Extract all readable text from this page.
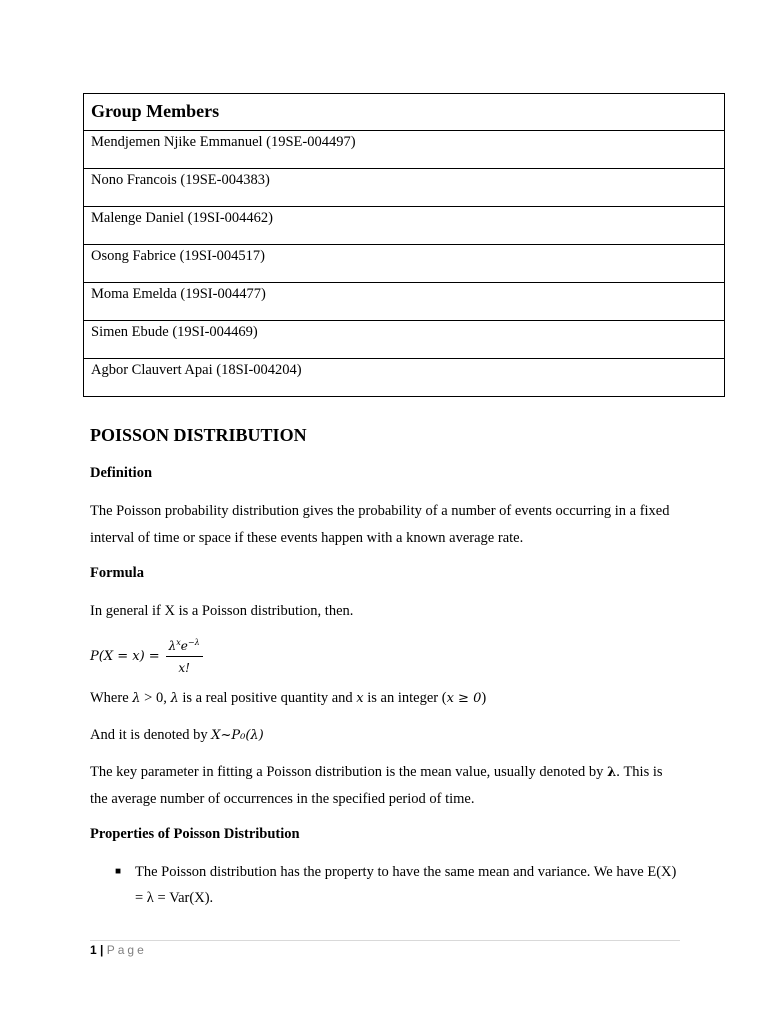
Group Members

Mendjemen Njike Emmanuel (19SE-004497)

Nono Francois (19SE-004383)

Malenge Daniel (19SI-004462)

Osong Fabrice (19SI-004517)

Moma Emelda (19SI-004477)

Simen Ebude (19SI-004469)

Agbor Clauvert Apai (18SI-004204)
POISSON DISTRIBUTION
Definition

The Poisson probability distribution gives the probability of a number of events occurring in a fixed interval of time or space if these events happen with a known average rate.

Formula

In general if X is a Poisson distribution, then.

$P(X = x) = \frac{\lambda^xe^{-\lambda}}{x!}$

Where λ > 0, λ is a real positive quantity and x is an integer (x ≥ 0)

And it is denoted by X~P₀(λ)

The key parameter in fitting a Poisson distribution is the mean value, usually denoted by λ. This is the average number of occurrences in the specified period of time.

Properties of Poisson Distribution
■ The Poisson distribution has the property to have the same mean and variance. We have E(X) = λ = Var(X).
1 | Page
